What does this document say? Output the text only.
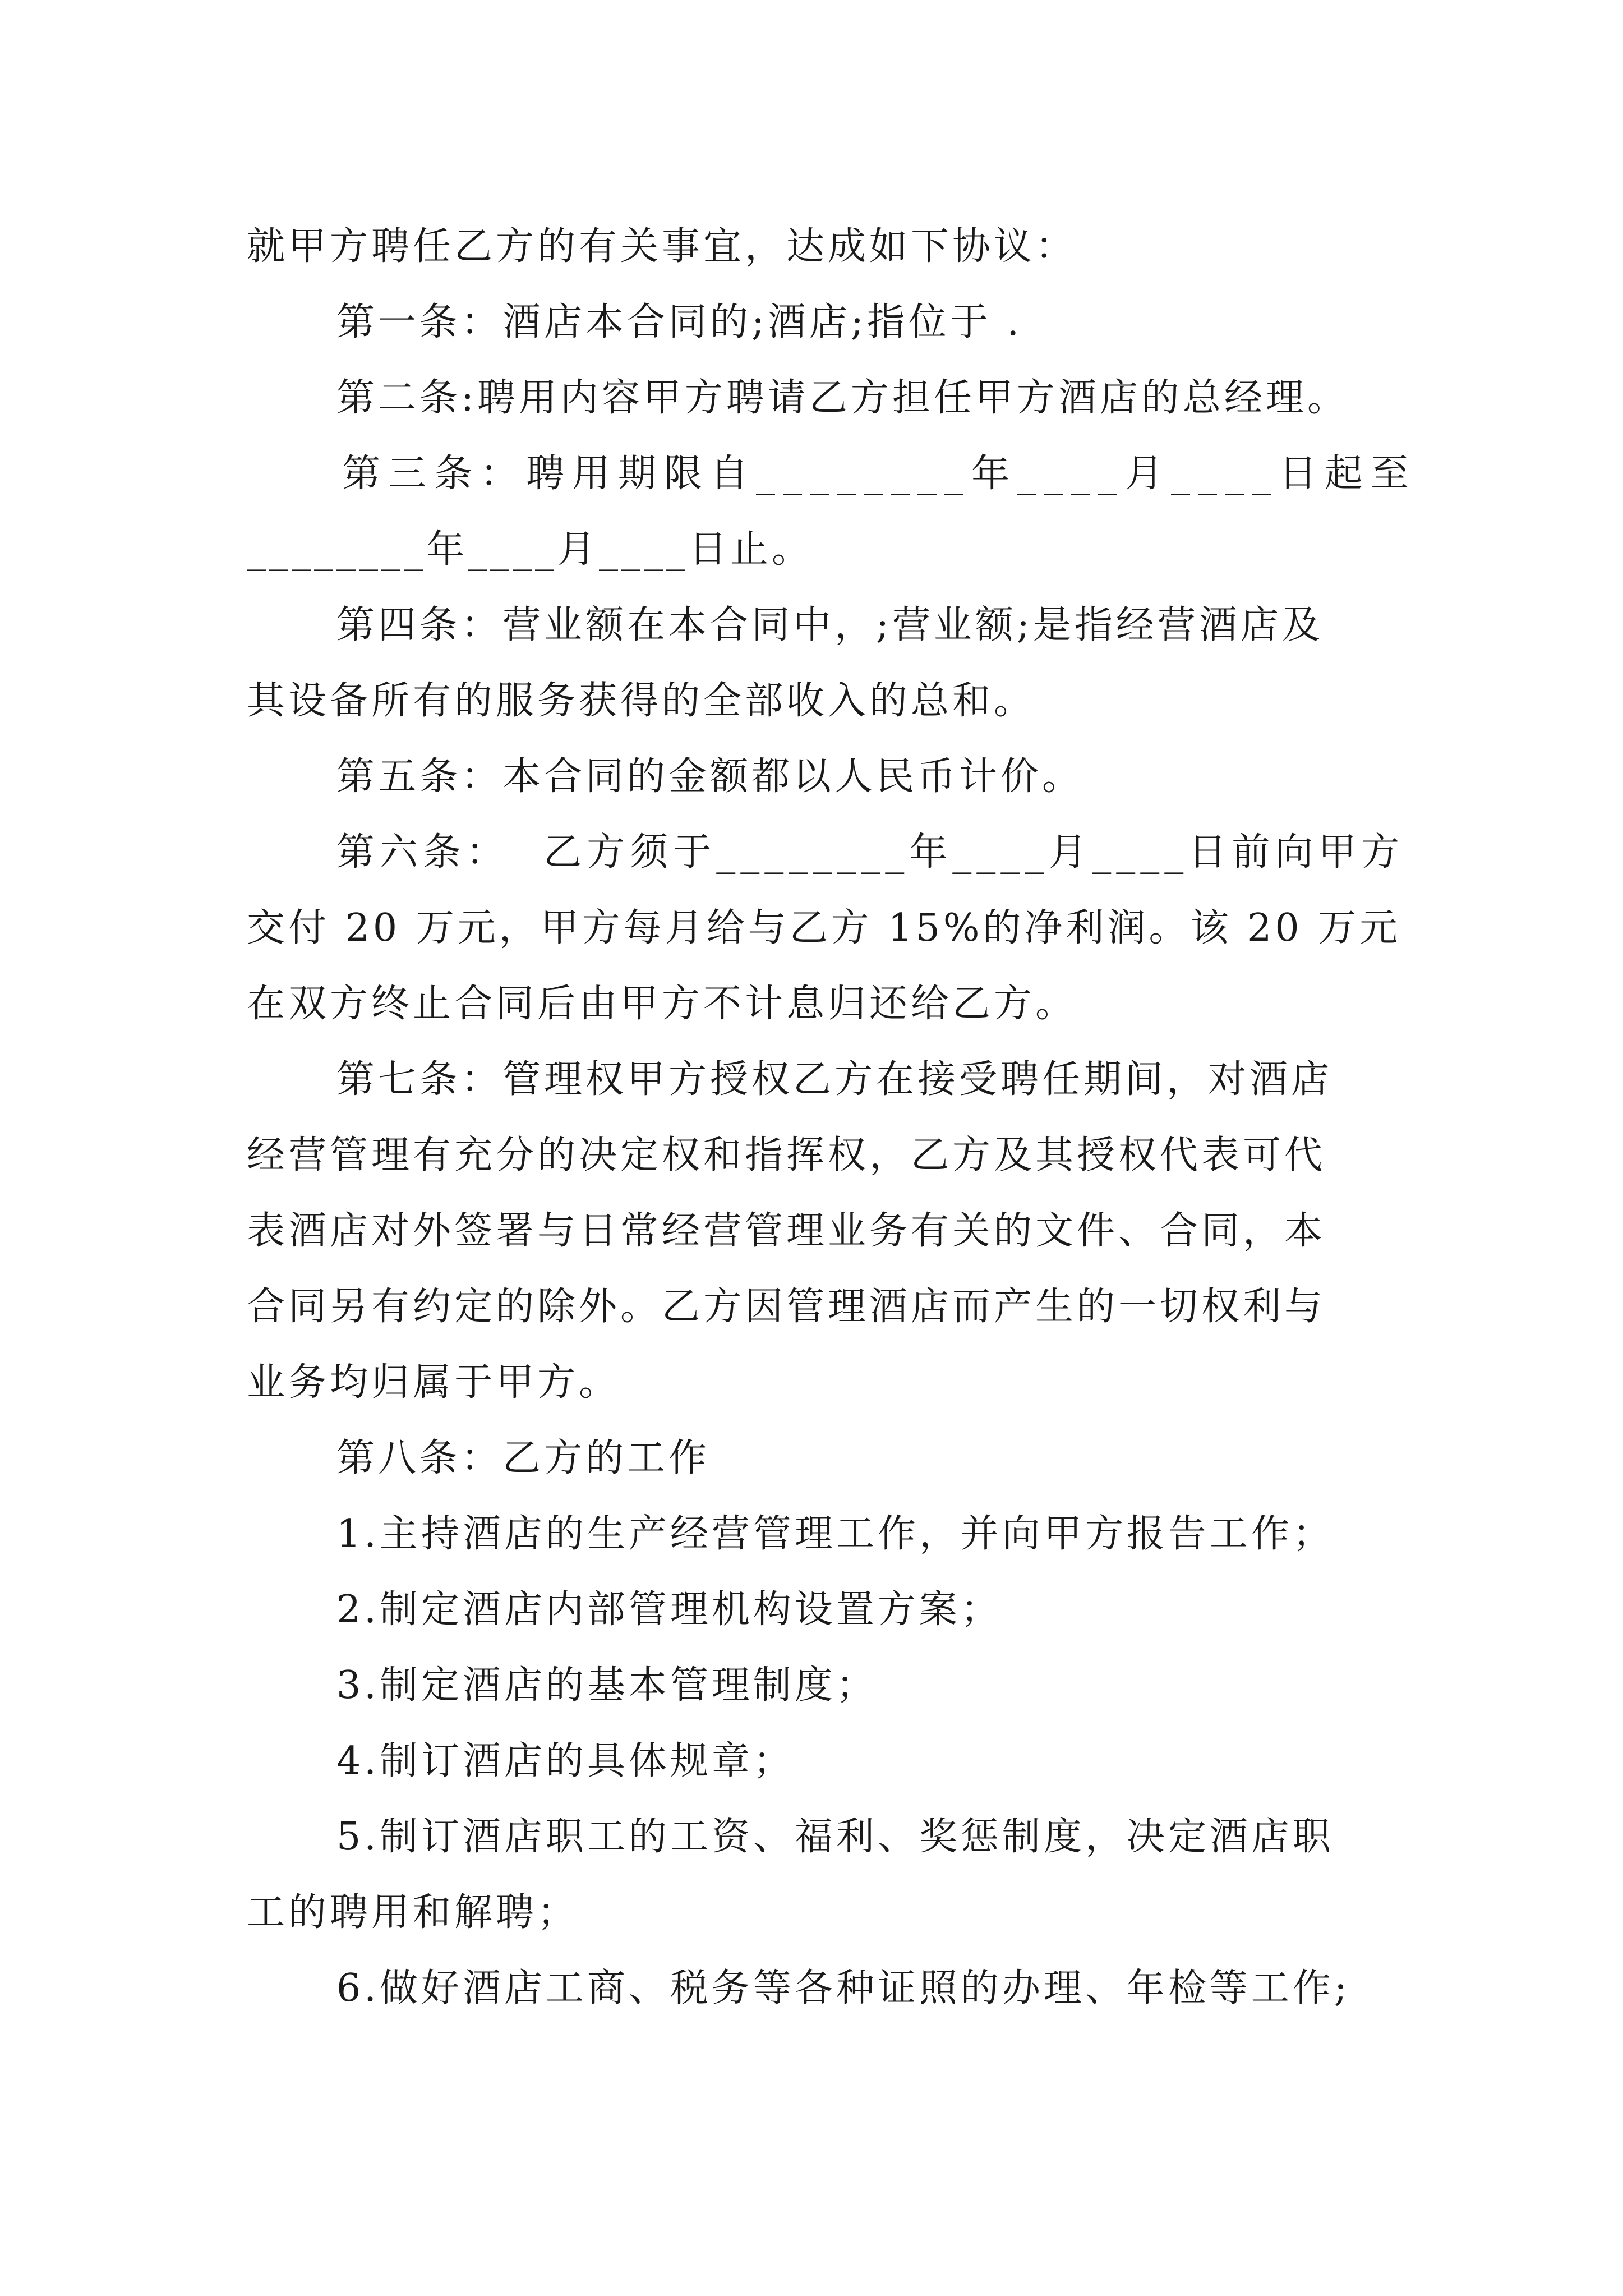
就甲方聘任乙方的有关事宜，达成如下协议：
第一条：酒店本合同的;酒店;指位于 .
第二条:聘用内容甲方聘请乙方担任甲方酒店的总经理。
第三条：聘用期限自________年____月____日起至
________年____月____日止。
第四条：营业额在本合同中，;营业额;是指经营酒店及
其设备所有的服务获得的全部收入的总和。
第五条：本合同的金额都以人民币计价。
第六条：  乙方须于________年____月____日前向甲方
交付 20 万元，甲方每月给与乙方 15%的净利润。该 20 万元
在双方终止合同后由甲方不计息归还给乙方。
第七条：管理权甲方授权乙方在接受聘任期间，对酒店
经营管理有充分的决定权和指挥权，乙方及其授权代表可代
表酒店对外签署与日常经营管理业务有关的文件、合同，本
合同另有约定的除外。乙方因管理酒店而产生的一切权利与
业务均归属于甲方。
第八条：乙方的工作
1.主持酒店的生产经营管理工作，并向甲方报告工作；
2.制定酒店内部管理机构设置方案；
3.制定酒店的基本管理制度；
4.制订酒店的具体规章；
5.制订酒店职工的工资、福利、奖惩制度，决定酒店职
工的聘用和解聘；
6.做好酒店工商、税务等各种证照的办理、年检等工作;
